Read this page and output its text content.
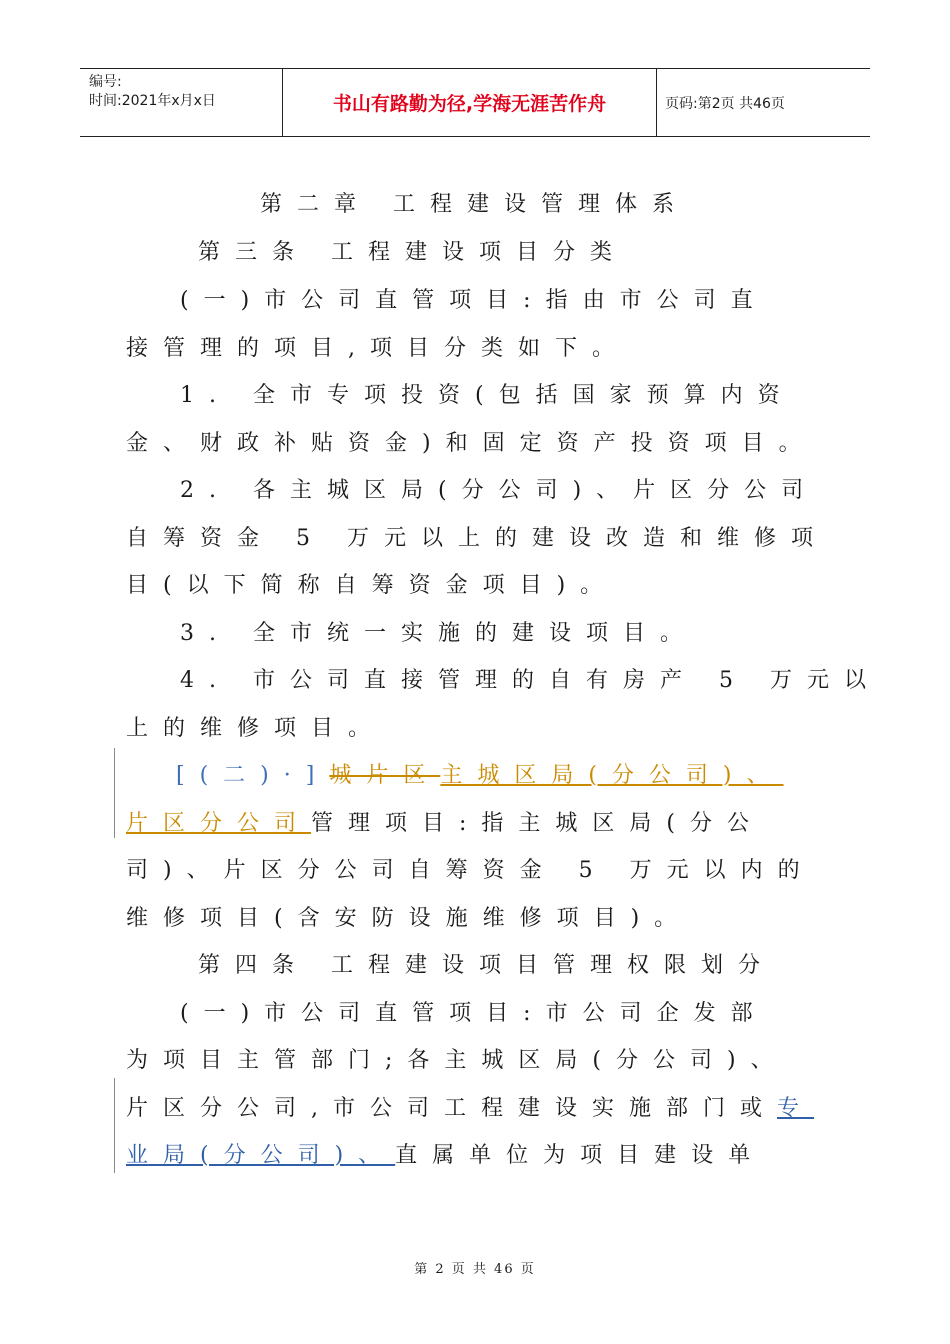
编号:
时间:2021年x月x日	书山有路勤为径,学海无涯苦作舟	页码:第2页 共46页
第二章 工程建设管理体系
第三条 工程建设项目分类
(一)市公司直管项目:指由市公司直
接管理的项目,项目分类如下。
1. 全市专项投资(包括国家预算内资
金、财政补贴资金)和固定资产投资项目。
2. 各主城区局(分公司)、片区分公司
自筹资金 5 万元以上的建设改造和维修项
目(以下简称自筹资金项目)。
3. 全市统一实施的建设项目。
4. 市公司直接管理的自有房产 5 万元以
上的维修项目。
[(二)·]城片区主城区局(分公司)、
片区分公司管理项目:指主城区局(分公
司)、片区分公司自筹资金 5 万元以内的
维修项目(含安防设施维修项目)。
第四条 工程建设项目管理权限划分
(一)市公司直管项目:市公司企发部
为项目主管部门;各主城区局(分公司)、
片区分公司,市公司工程建设实施部门或专
业局(分公司)、直属单位为项目建设单
第 2 页 共 46 页
